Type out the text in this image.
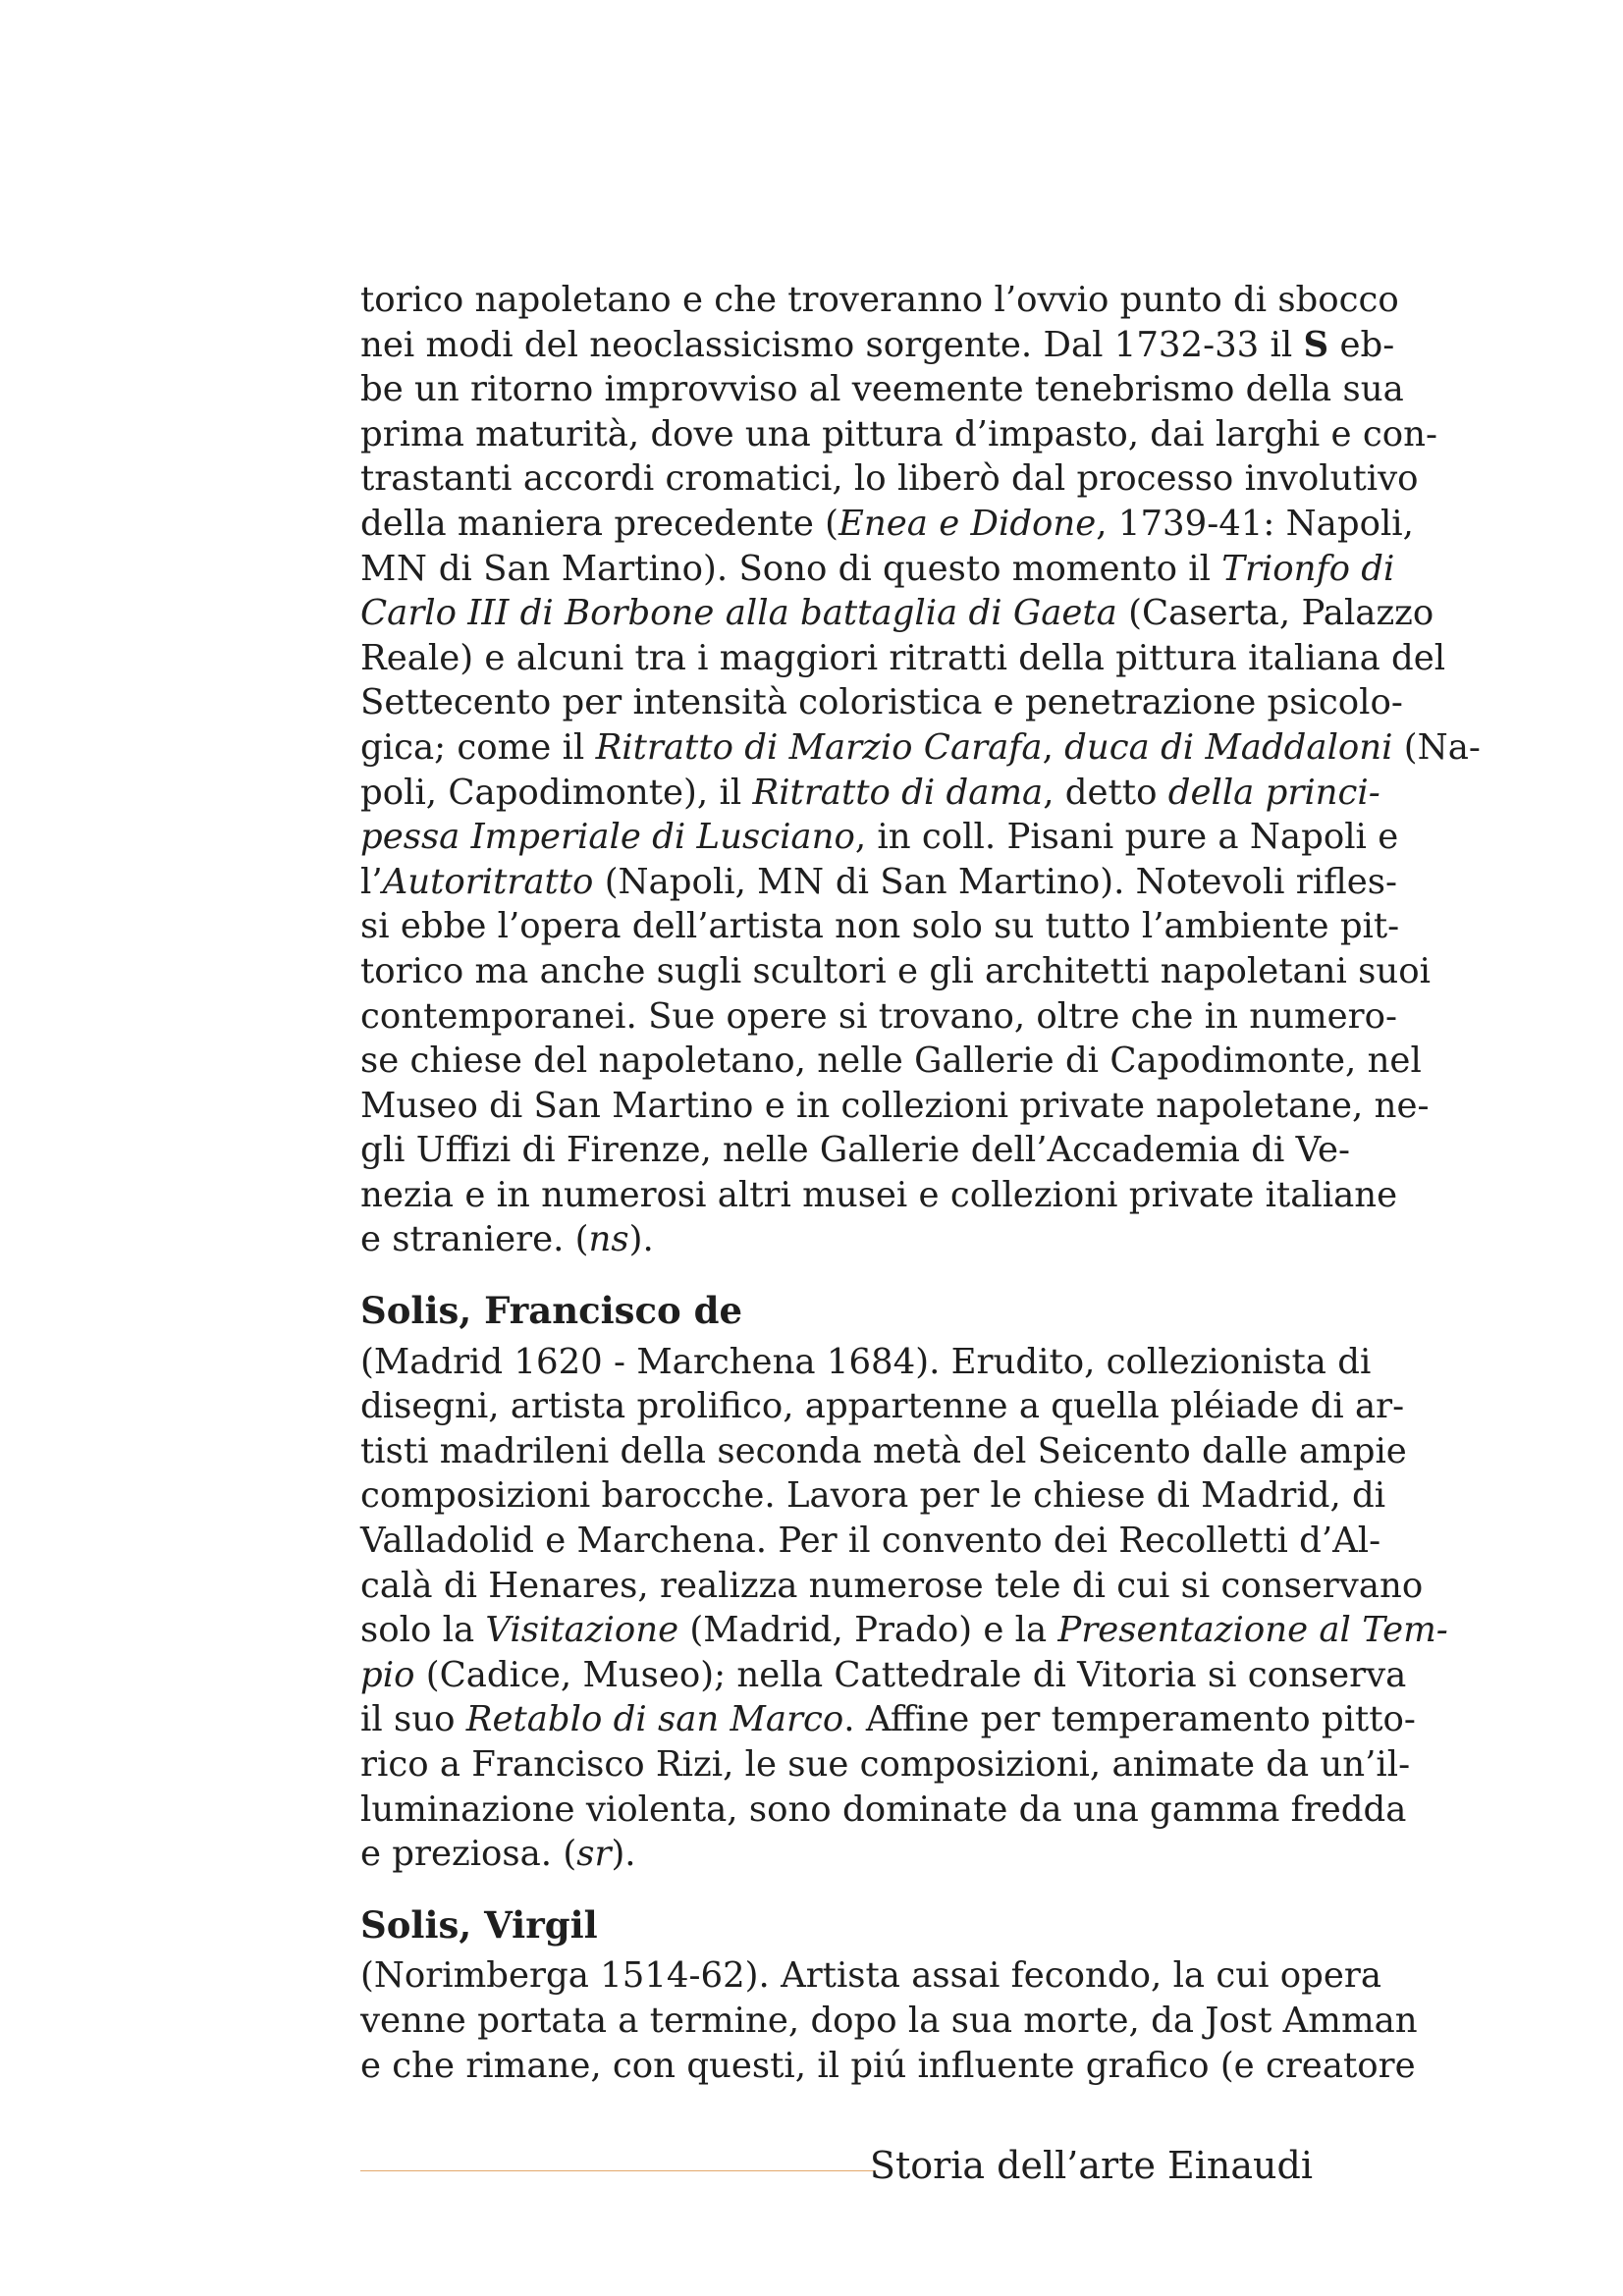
torico napoletano e che troveranno l’ovvio punto di sbocco
nei modi del neoclassicismo sorgente. Dal 1732-33 il S eb-
be un ritorno improvviso al veemente tenebrismo della sua
prima maturità, dove una pittura d’impasto, dai larghi e con-
trastanti accordi cromatici, lo liberò dal processo involutivo
della maniera precedente (Enea e Didone, 1739-41: Napoli,
MN di San Martino). Sono di questo momento il Trionfo di
Carlo III di Borbone alla battaglia di Gaeta (Caserta, Palazzo
Reale) e alcuni tra i maggiori ritratti della pittura italiana del
Settecento per intensità coloristica e penetrazione psicolo-
gica; come il Ritratto di Marzio Carafa, duca di Maddaloni (Na-
poli, Capodimonte), il Ritratto di dama, detto della princi-
pessa Imperiale di Lusciano, in coll. Pisani pure a Napoli e
l’Autoritratto (Napoli, MN di San Martino). Notevoli rifles-
si ebbe l’opera dell’artista non solo su tutto l’ambiente pit-
torico ma anche sugli scultori e gli architetti napoletani suoi
contemporanei. Sue opere si trovano, oltre che in numero-
se chiese del napoletano, nelle Gallerie di Capodimonte, nel
Museo di San Martino e in collezioni private napoletane, ne-
gli Uffizi di Firenze, nelle Gallerie dell’Accademia di Ve-
nezia e in numerosi altri musei e collezioni private italiane
e straniere. (ns).
Solis, Francisco de
(Madrid 1620 - Marchena 1684). Erudito, collezionista di
disegni, artista prolifico, appartenne a quella pléiade di ar-
tisti madrileni della seconda metà del Seicento dalle ampie
composizioni barocche. Lavora per le chiese di Madrid, di
Valladolid e Marchena. Per il convento dei Recolletti d’Al-
calà di Henares, realizza numerose tele di cui si conservano
solo la Visitazione (Madrid, Prado) e la Presentazione al Tem-
pio (Cadice, Museo); nella Cattedrale di Vitoria si conserva
il suo Retablo di san Marco. Affine per temperamento pitto-
rico a Francisco Rizi, le sue composizioni, animate da un’il-
luminazione violenta, sono dominate da una gamma fredda
e preziosa. (sr).
Solis, Virgil
(Norimberga 1514-62). Artista assai fecondo, la cui opera
venne portata a termine, dopo la sua morte, da Jost Amman
e che rimane, con questi, il piú influente grafico (e creatore
Storia dell’arte Einaudi
